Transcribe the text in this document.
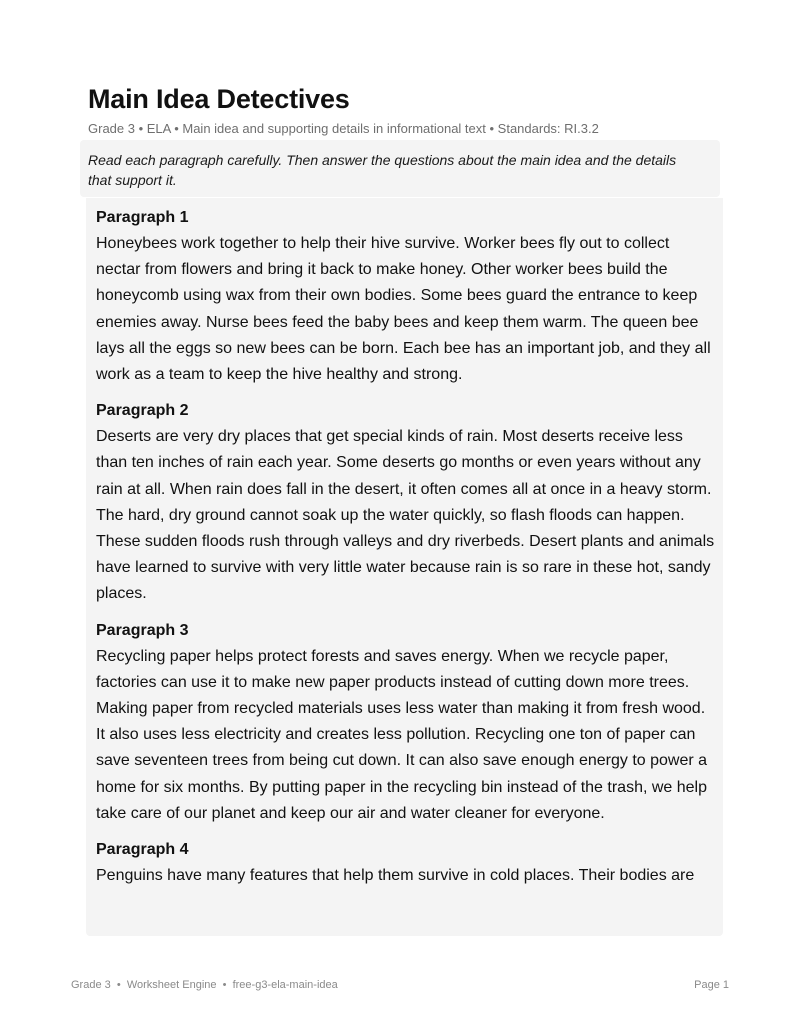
Main Idea Detectives
Grade 3 • ELA • Main idea and supporting details in informational text • Standards: RI.3.2
Read each paragraph carefully. Then answer the questions about the main idea and the details that support it.
Paragraph 1
Honeybees work together to help their hive survive. Worker bees fly out to collect nectar from flowers and bring it back to make honey. Other worker bees build the honeycomb using wax from their own bodies. Some bees guard the entrance to keep enemies away. Nurse bees feed the baby bees and keep them warm. The queen bee lays all the eggs so new bees can be born. Each bee has an important job, and they all work as a team to keep the hive healthy and strong.
Paragraph 2
Deserts are very dry places that get special kinds of rain. Most deserts receive less than ten inches of rain each year. Some deserts go months or even years without any rain at all. When rain does fall in the desert, it often comes all at once in a heavy storm. The hard, dry ground cannot soak up the water quickly, so flash floods can happen. These sudden floods rush through valleys and dry riverbeds. Desert plants and animals have learned to survive with very little water because rain is so rare in these hot, sandy places.
Paragraph 3
Recycling paper helps protect forests and saves energy. When we recycle paper, factories can use it to make new paper products instead of cutting down more trees. Making paper from recycled materials uses less water than making it from fresh wood. It also uses less electricity and creates less pollution. Recycling one ton of paper can save seventeen trees from being cut down. It can also save enough energy to power a home for six months. By putting paper in the recycling bin instead of the trash, we help take care of our planet and keep our air and water cleaner for everyone.
Paragraph 4
Penguins have many features that help them survive in cold places. Their bodies are
Grade 3  •  Worksheet Engine  •  free-g3-ela-main-idea	Page 1
